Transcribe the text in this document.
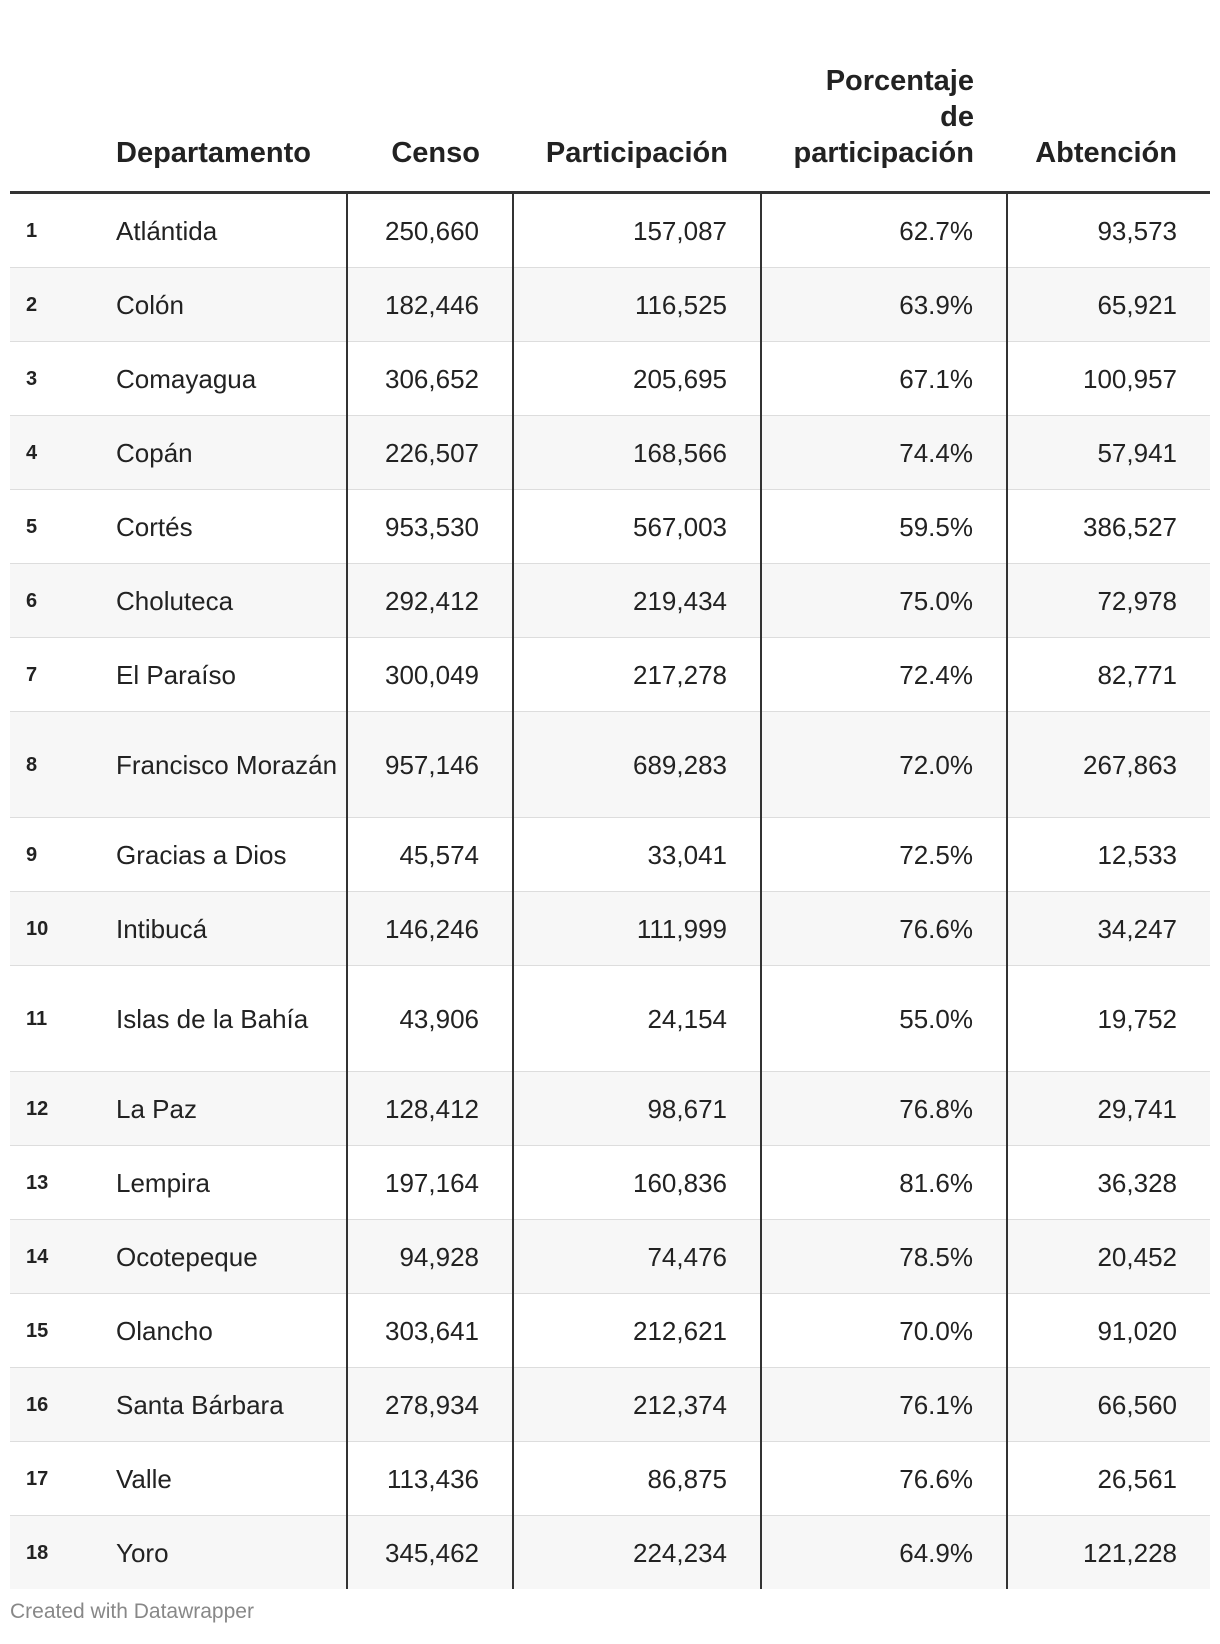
	Departamento	Censo	Participación	Porcentaje de participación	Abtención
1	Atlántida	250,660	157,087	62.7%	93,573
2	Colón	182,446	116,525	63.9%	65,921
3	Comayagua	306,652	205,695	67.1%	100,957
4	Copán	226,507	168,566	74.4%	57,941
5	Cortés	953,530	567,003	59.5%	386,527
6	Choluteca	292,412	219,434	75.0%	72,978
7	El Paraíso	300,049	217,278	72.4%	82,771
8	Francisco Morazán	957,146	689,283	72.0%	267,863
9	Gracias a Dios	45,574	33,041	72.5%	12,533
10	Intibucá	146,246	111,999	76.6%	34,247
11	Islas de la Bahía	43,906	24,154	55.0%	19,752
12	La Paz	128,412	98,671	76.8%	29,741
13	Lempira	197,164	160,836	81.6%	36,328
14	Ocotepeque	94,928	74,476	78.5%	20,452
15	Olancho	303,641	212,621	70.0%	91,020
16	Santa Bárbara	278,934	212,374	76.1%	66,560
17	Valle	113,436	86,875	76.6%	26,561
18	Yoro	345,462	224,234	64.9%	121,228
Created with Datawrapper
